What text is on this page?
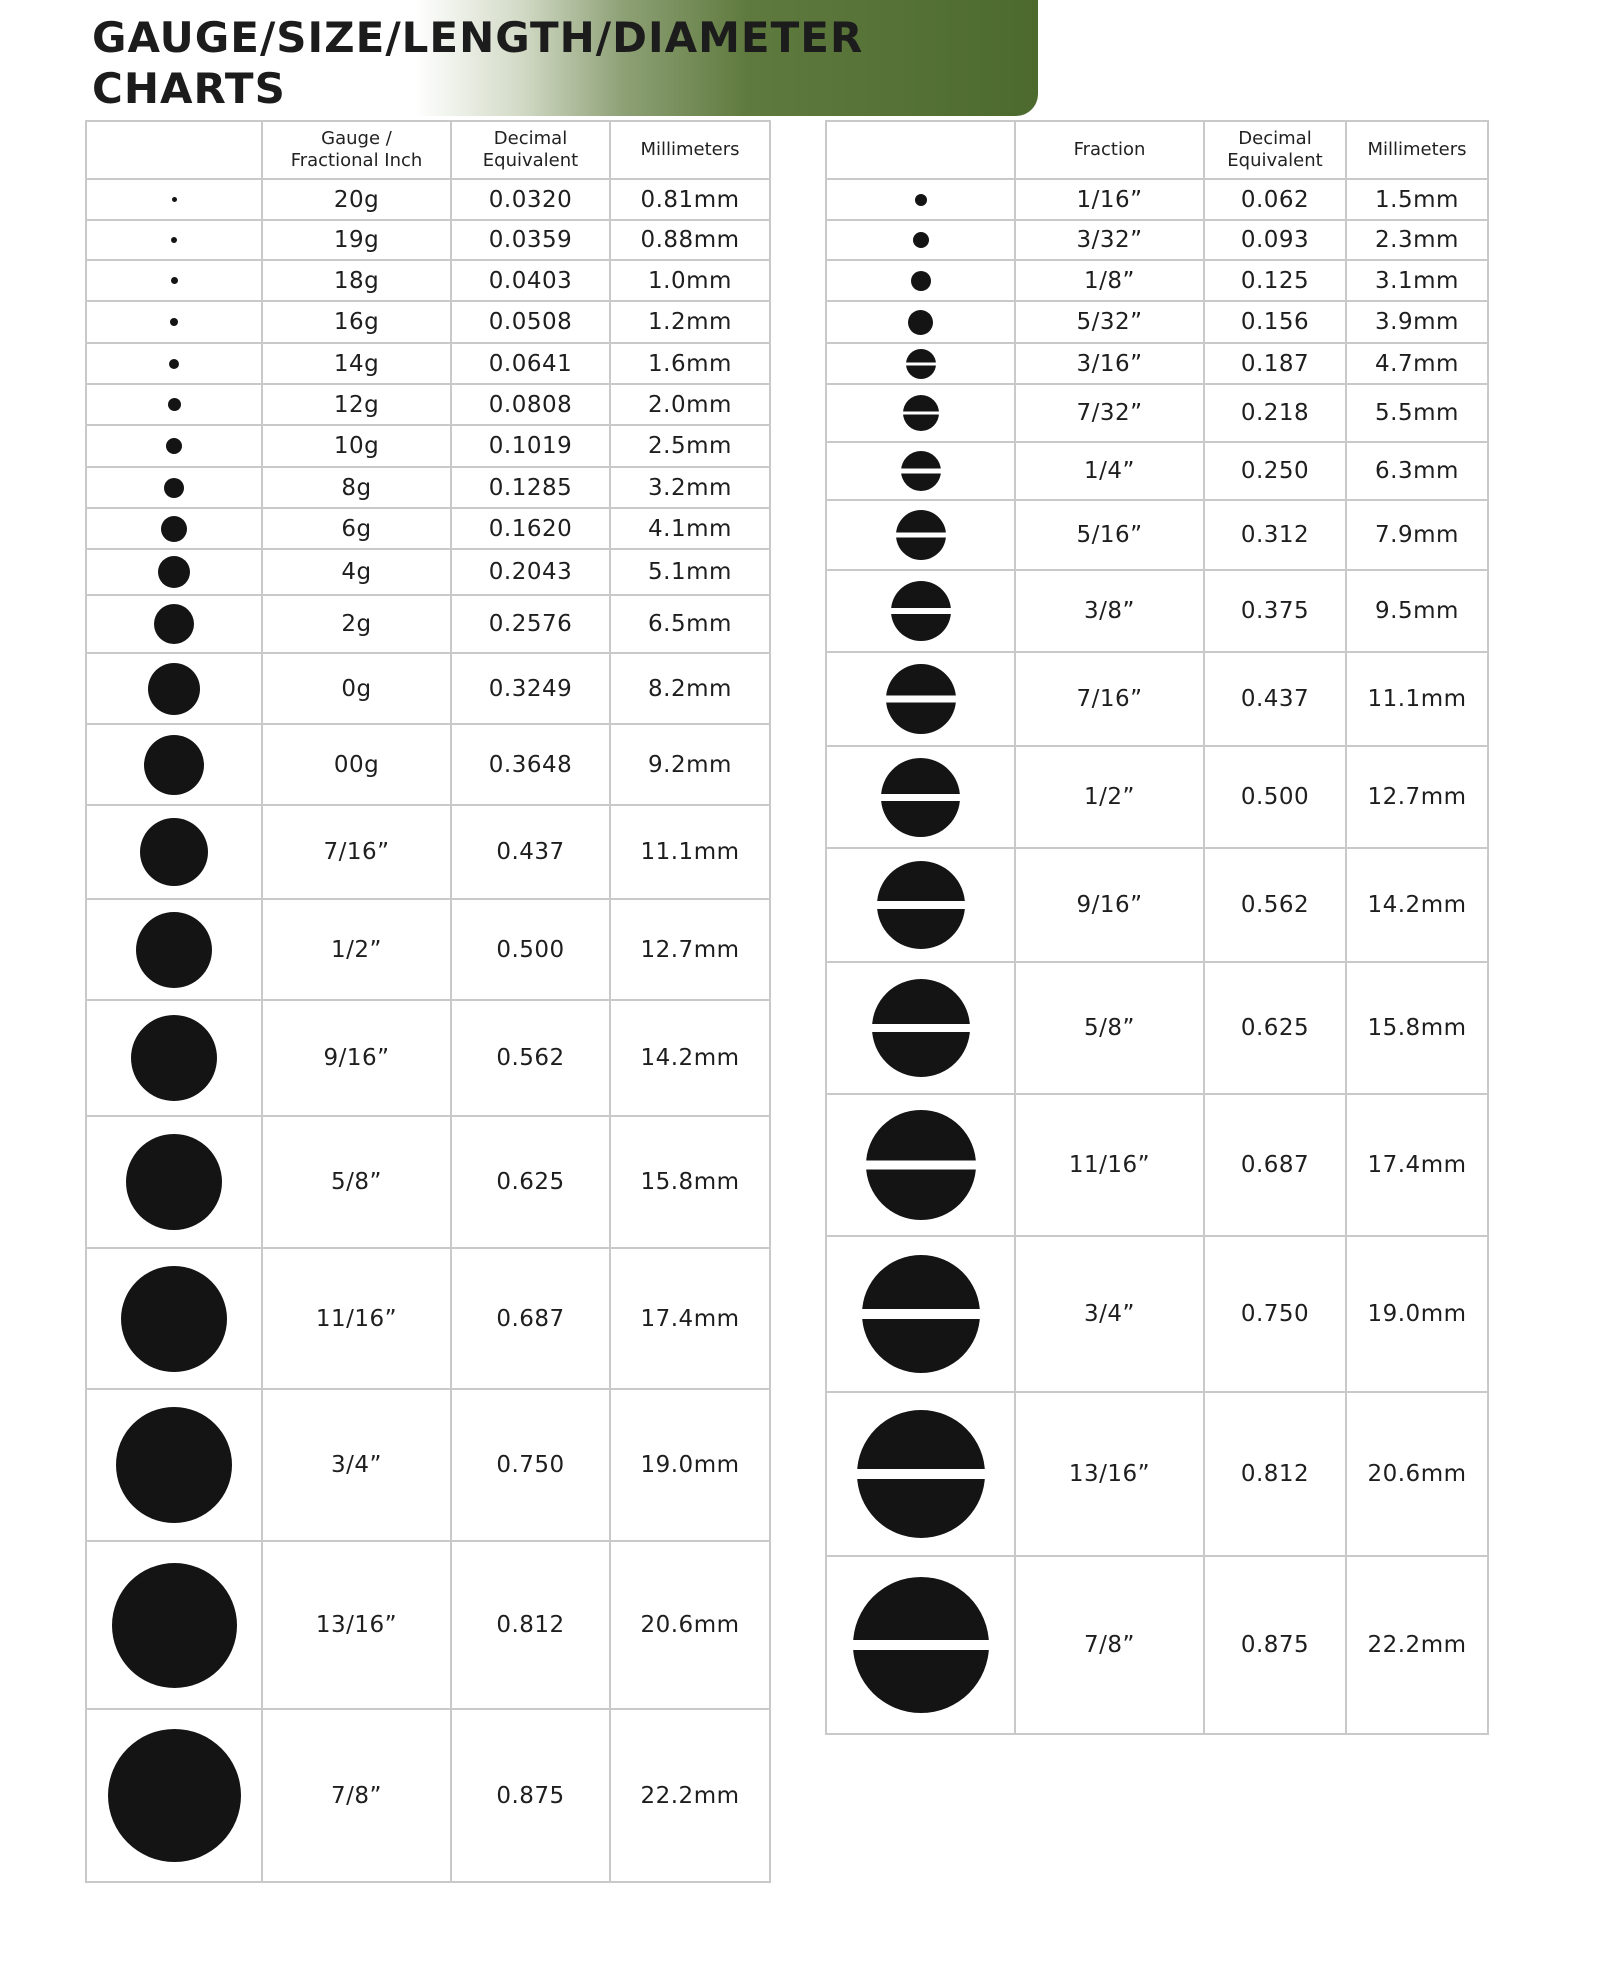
GAUGE/SIZE/LENGTH/DIAMETER
CHARTS
	Gauge /
Fractional Inch	Decimal
Equivalent	Millimeters

	20g	0.0320	0.81mm

	19g	0.0359	0.88mm

	18g	0.0403	1.0mm

	16g	0.0508	1.2mm

	14g	0.0641	1.6mm

	12g	0.0808	2.0mm

	10g	0.1019	2.5mm

	8g	0.1285	3.2mm

	6g	0.1620	4.1mm

	4g	0.2043	5.1mm

	2g	0.2576	6.5mm

	0g	0.3249	8.2mm

	00g	0.3648	9.2mm

	7/16”	0.437	11.1mm

	1/2”	0.500	12.7mm

	9/16”	0.562	14.2mm

	5/8”	0.625	15.8mm

	11/16”	0.687	17.4mm

	3/4”	0.750	19.0mm

	13/16”	0.812	20.6mm

	7/8”	0.875	22.2mm
	Fraction	Decimal
Equivalent	Millimeters

	1/16”	0.062	1.5mm

	3/32”	0.093	2.3mm

	1/8”	0.125	3.1mm

	5/32”	0.156	3.9mm

	3/16”	0.187	4.7mm

	7/32”	0.218	5.5mm

	1/4”	0.250	6.3mm

	5/16”	0.312	7.9mm

	3/8”	0.375	9.5mm

	7/16”	0.437	11.1mm

	1/2”	0.500	12.7mm

	9/16”	0.562	14.2mm

	5/8”	0.625	15.8mm

	11/16”	0.687	17.4mm

	3/4”	0.750	19.0mm

	13/16”	0.812	20.6mm

	7/8”	0.875	22.2mm
